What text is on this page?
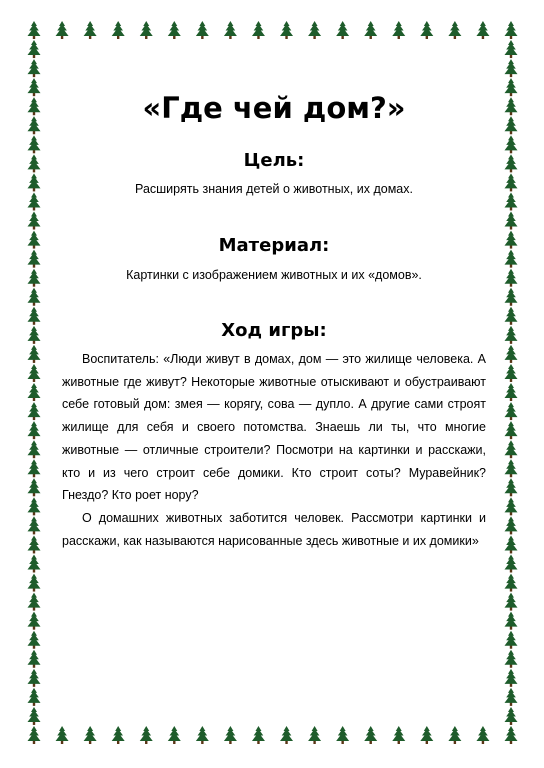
«Где чей дом?»
Цель:
Расширять знания детей о животных, их домах.
Материал:
Картинки с изображением животных и их «домов».
Ход игры:

Воспитатель: «Люди живут в домах, дом — это жилище человека. А животные где живут? Некоторые животные отыскивают и обустраивают себе готовый дом: змея — корягу, сова — дупло. А другие сами строят жилище для себя и своего потомства. Знаешь ли ты, что многие животные — отличные строители? Посмотри на картинки и расскажи, кто и из чего строит себе домики. Кто строит соты? Муравейник? Гнездо? Кто роет нору?

О домашних животных заботится человек. Рассмотри картинки и расскажи, как называются нарисованные здесь животные и их домики»
